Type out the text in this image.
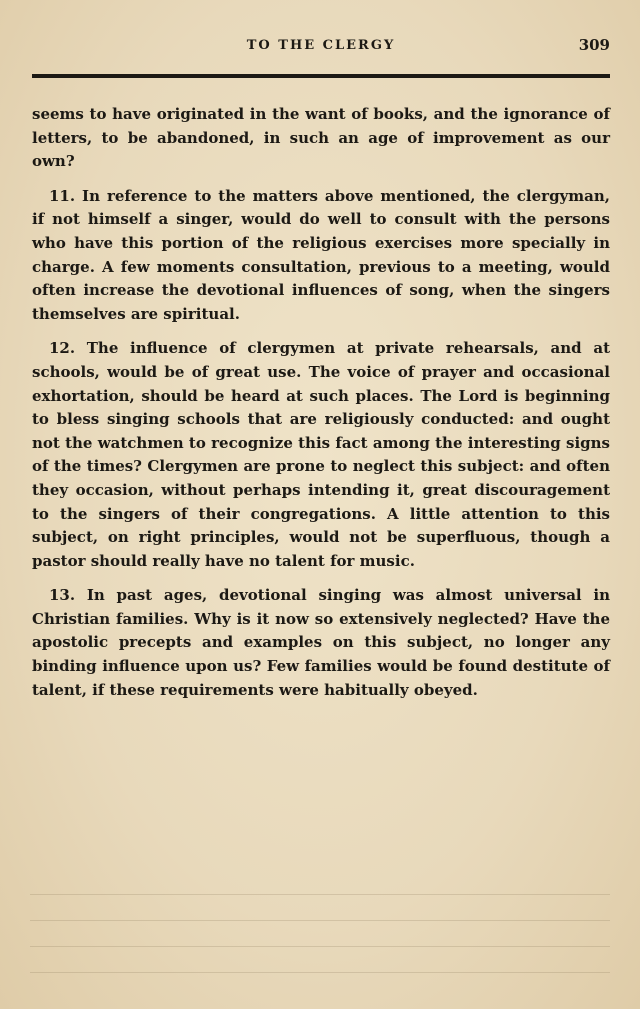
TO THE CLERGY	309

seems to have originated in the want of books, and the ignorance of letters, to be abandoned, in such an age of improvement as our own?

11. In reference to the matters above mentioned, the clergyman, if not himself a singer, would do well to consult with the persons who have this portion of the religious exercises more specially in charge. A few moments consultation, previous to a meeting, would often increase the devotional influences of song, when the singers themselves are spiritual.

12. The influence of clergymen at private rehearsals, and at schools, would be of great use. The voice of prayer and occasional exhortation, should be heard at such places. The Lord is beginning to bless singing schools that are religiously conducted: and ought not the watchmen to recognize this fact among the interesting signs of the times? Clergymen are prone to neglect this subject: and often they occasion, without perhaps intending it, great discouragement to the singers of their congregations. A little attention to this subject, on right principles, would not be superfluous, though a pastor should really have no talent for music.

13. In past ages, devotional singing was almost universal in Christian families. Why is it now so extensively neglected? Have the apostolic precepts and examples on this subject, no longer any binding influence upon us? Few families would be found destitute of talent, if these requirements were habitually obeyed.
